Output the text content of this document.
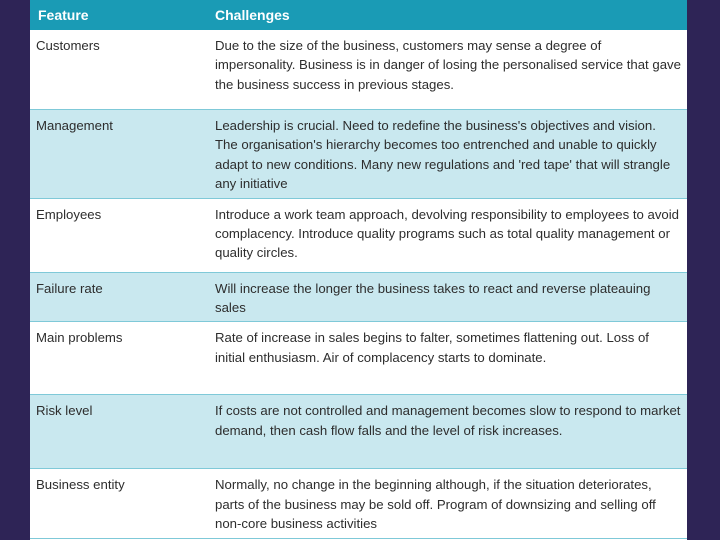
Feature	Challenges
Customers	Due to the size of the business, customers may sense a degree of impersonality. Business is in danger of losing the personalised service that gave the business success in previous stages.
Management	Leadership is crucial. Need to redefine the business's objectives and vision. The organisation's hierarchy becomes too entrenched and unable to quickly adapt to new conditions. Many new regulations and 'red tape' that will strangle any initiative
Employees	Introduce a work team approach, devolving responsibility to employees to avoid complacency. Introduce quality programs such as total quality management or quality circles.
Failure rate	Will increase the longer the business takes to react and reverse plateauing sales
Main problems	Rate of increase in sales begins to falter, sometimes flattening out. Loss of initial enthusiasm. Air of complacency starts to dominate.
Risk level	If costs are not controlled and management becomes slow to respond to market demand, then cash flow falls and the level of risk increases.
Business entity	Normally, no change in the beginning although, if the situation deteriorates, parts of the business may be sold off. Program of downsizing and selling off non-core business activities
